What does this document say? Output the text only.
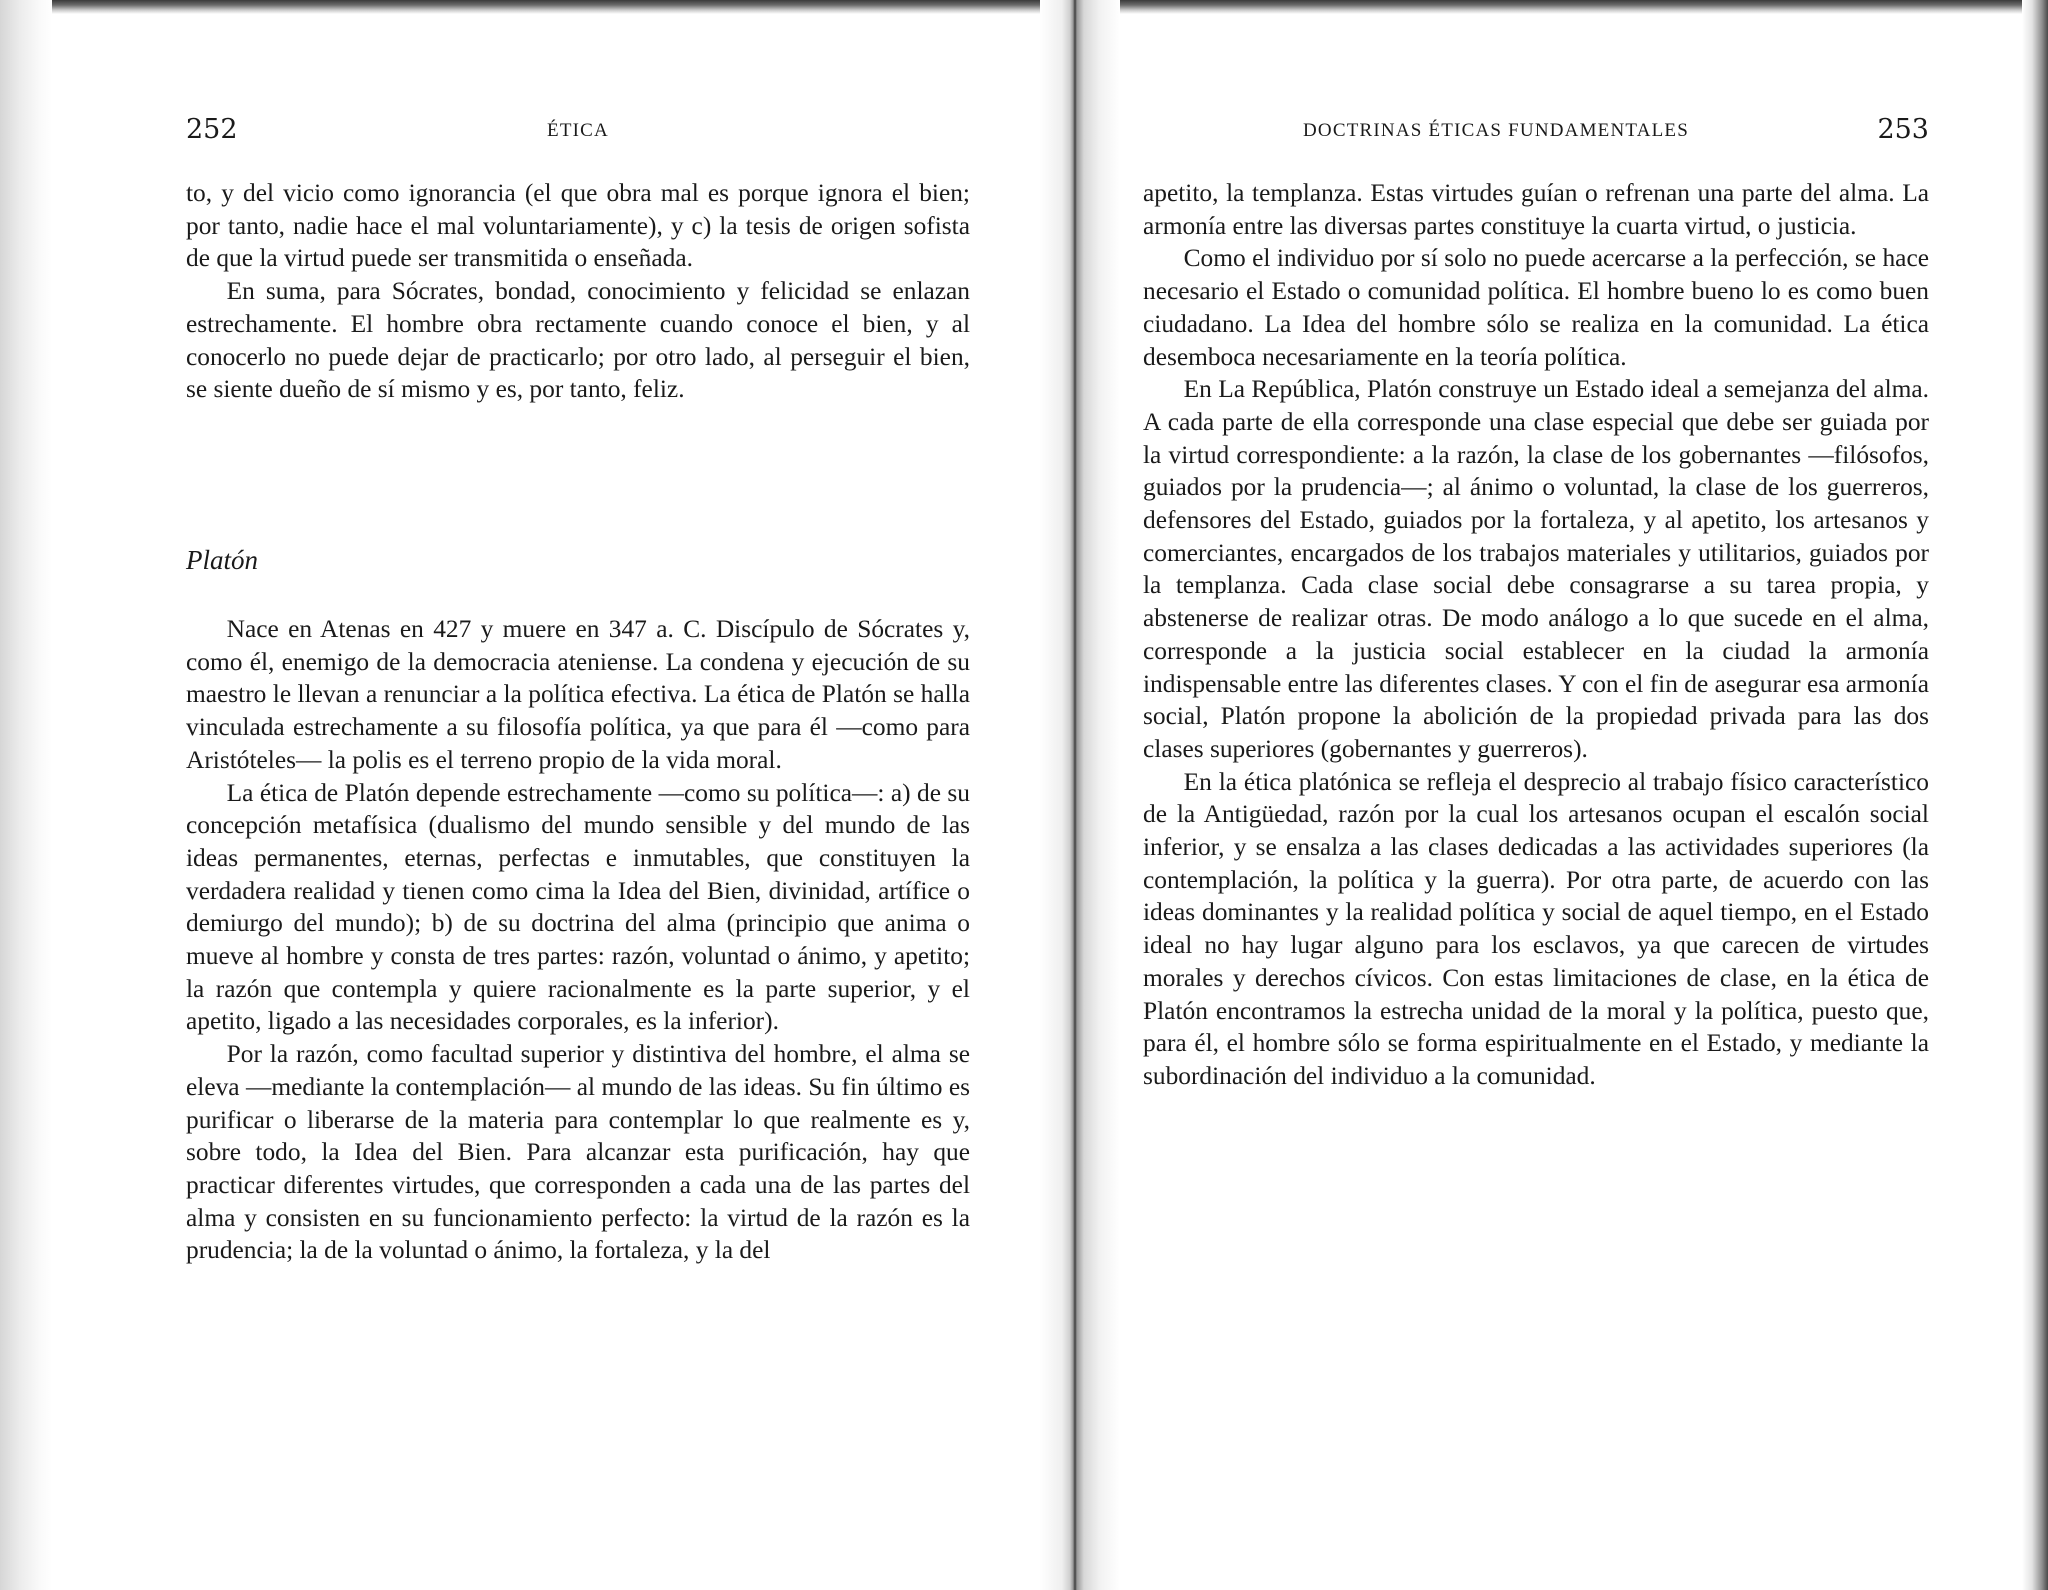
252	ÉTICA

to, y del vicio como ignorancia (el que obra mal es porque ignora el bien; por tanto, nadie hace el mal voluntariamente), y c) la tesis de origen sofista de que la virtud puede ser transmitida o enseñada.

En suma, para Sócrates, bondad, conocimiento y felicidad se enlazan estrechamente. El hombre obra rectamente cuando conoce el bien, y al conocerlo no puede dejar de practicarlo; por otro lado, al perseguir el bien, se siente dueño de sí mismo y es, por tanto, feliz.

Platón

Nace en Atenas en 427 y muere en 347 a. C. Discípulo de Sócrates y, como él, enemigo de la democracia ateniense. La condena y ejecución de su maestro le llevan a renunciar a la política efectiva. La ética de Platón se halla vinculada estrechamente a su filosofía política, ya que para él —como para Aristóteles— la polis es el terreno propio de la vida moral.

La ética de Platón depende estrechamente —como su política—: a) de su concepción metafísica (dualismo del mundo sensible y del mundo de las ideas permanentes, eternas, perfectas e inmutables, que constituyen la verdadera realidad y tienen como cima la Idea del Bien, divinidad, artífice o demiurgo del mundo); b) de su doctrina del alma (principio que anima o mueve al hombre y consta de tres partes: razón, voluntad o ánimo, y apetito; la razón que contempla y quiere racionalmente es la parte superior, y el apetito, ligado a las necesidades corporales, es la inferior).

Por la razón, como facultad superior y distintiva del hombre, el alma se eleva —mediante la contemplación— al mundo de las ideas. Su fin último es purificar o liberarse de la materia para contemplar lo que realmente es y, sobre todo, la Idea del Bien. Para alcanzar esta purificación, hay que practicar diferentes virtudes, que corresponden a cada una de las partes del alma y consisten en su funcionamiento perfecto: la virtud de la razón es la prudencia; la de la voluntad o ánimo, la fortaleza, y la del

DOCTRINAS ÉTICAS FUNDAMENTALES	253

apetito, la templanza. Estas virtudes guían o refrenan una parte del alma. La armonía entre las diversas partes constituye la cuarta virtud, o justicia.

Como el individuo por sí solo no puede acercarse a la perfección, se hace necesario el Estado o comunidad política. El hombre bueno lo es como buen ciudadano. La Idea del hombre sólo se realiza en la comunidad. La ética desemboca necesariamente en la teoría política.

En La República, Platón construye un Estado ideal a semejanza del alma. A cada parte de ella corresponde una clase especial que debe ser guiada por la virtud correspondiente: a la razón, la clase de los gobernantes —filósofos, guiados por la prudencia—; al ánimo o voluntad, la clase de los guerreros, defensores del Estado, guiados por la fortaleza, y al apetito, los artesanos y comerciantes, encargados de los trabajos materiales y utilitarios, guiados por la templanza. Cada clase social debe consagrarse a su tarea propia, y abstenerse de realizar otras. De modo análogo a lo que sucede en el alma, corresponde a la justicia social establecer en la ciudad la armonía indispensable entre las diferentes clases. Y con el fin de asegurar esa armonía social, Platón propone la abolición de la propiedad privada para las dos clases superiores (gobernantes y guerreros).

En la ética platónica se refleja el desprecio al trabajo físico característico de la Antigüedad, razón por la cual los artesanos ocupan el escalón social inferior, y se ensalza a las clases dedicadas a las actividades superiores (la contemplación, la política y la guerra). Por otra parte, de acuerdo con las ideas dominantes y la realidad política y social de aquel tiempo, en el Estado ideal no hay lugar alguno para los esclavos, ya que carecen de virtudes morales y derechos cívicos. Con estas limitaciones de clase, en la ética de Platón encontramos la estrecha unidad de la moral y la política, puesto que, para él, el hombre sólo se forma espiritualmente en el Estado, y mediante la subordinación del individuo a la comunidad.
